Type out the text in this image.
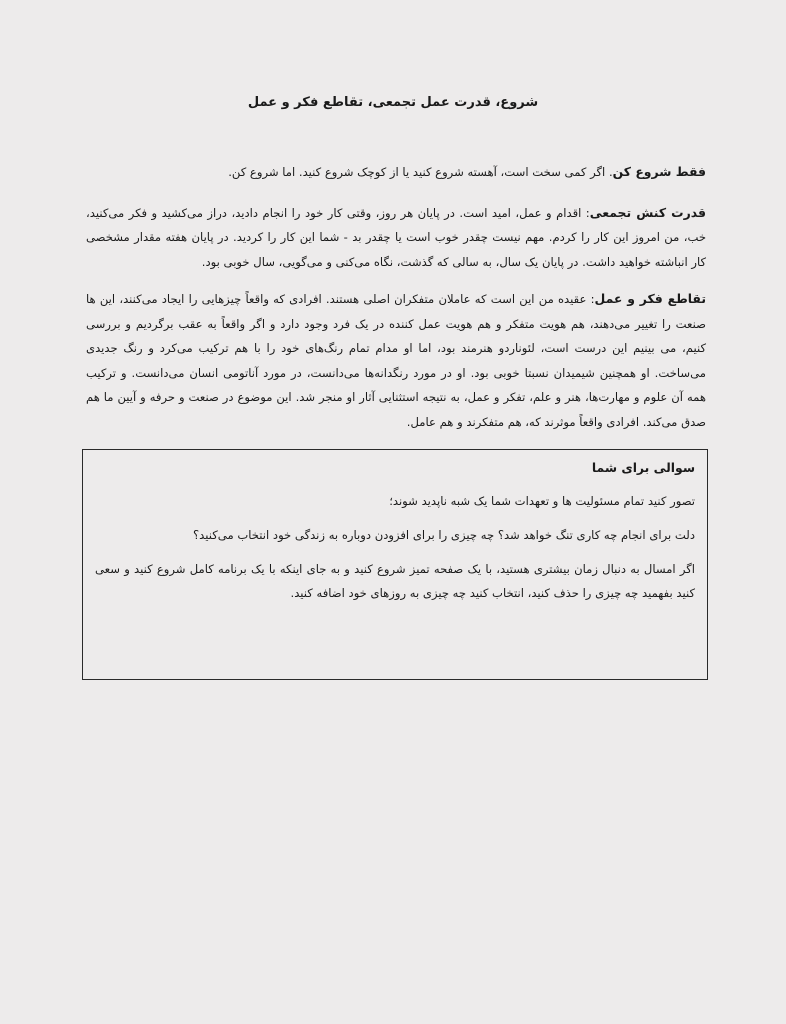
شروع، قدرت عمل تجمعی، تقاطع فکر و عمل

فقط شروع کن. اگر کمی سخت است، آهسته شروع کنید یا از کوچک شروع کنید. اما شروع کن.

قدرت کنش تجمعی: اقدام و عمل، امید است. در پایان هر روز، وقتی کار خود را انجام دادید، دراز می‌کشید و فکر می‌کنید، خب، من امروز این کار را کردم. مهم نیست چقدر خوب است یا چقدر بد - شما این کار را کردید. در پایان هفته مقدار مشخصی کار انباشته خواهید داشت. در پایان یک سال، به سالی که گذشت، نگاه می‌کنی و می‌گویی، سال خوبی بود.

تقاطع فکر و عمل: عقیده من این است که عاملان متفکران اصلی هستند. افرادی که واقعاً چیزهایی را ایجاد می‌کنند، این ها صنعت را تغییر می‌دهند، هم هویت متفکر و هم هویت عمل کننده در یک فرد وجود دارد و اگر واقعاً به عقب برگردیم و بررسی کنیم، می بینیم این درست است، لئوناردو هنرمند بود، اما او مدام تمام رنگ‌های خود را با هم ترکیب می‌کرد و رنگ جدیدی می‌ساخت. او همچنین شیمیدان نسبتا خوبی بود. او در مورد رنگدانه‌ها می‌دانست، در مورد آناتومی انسان می‌دانست. و ترکیب همه آن علوم و مهارت‌ها، هنر و علم، تفکر و عمل، به نتیجه استثنایی آثار او منجر شد. این موضوع در صنعت و حرفه و آیین ما هم صدق می‌کند. افرادی واقعاً موثرند که، هم متفکرند و هم عامل.

سوالی برای شما

تصور کنید تمام مسئولیت ها و تعهدات شما یک شبه ناپدید شوند؛

دلت برای انجام چه کاری تنگ خواهد شد؟ چه چیزی را برای افزودن دوباره به زندگی خود انتخاب می‌کنید؟

اگر امسال به دنبال زمان بیشتری هستید، با یک صفحه تمیز شروع کنید و به جای اینکه با یک برنامه کامل شروع کنید و سعی کنید بفهمید چه چیزی را حذف کنید، انتخاب کنید چه چیزی به روزهای خود اضافه کنید.
